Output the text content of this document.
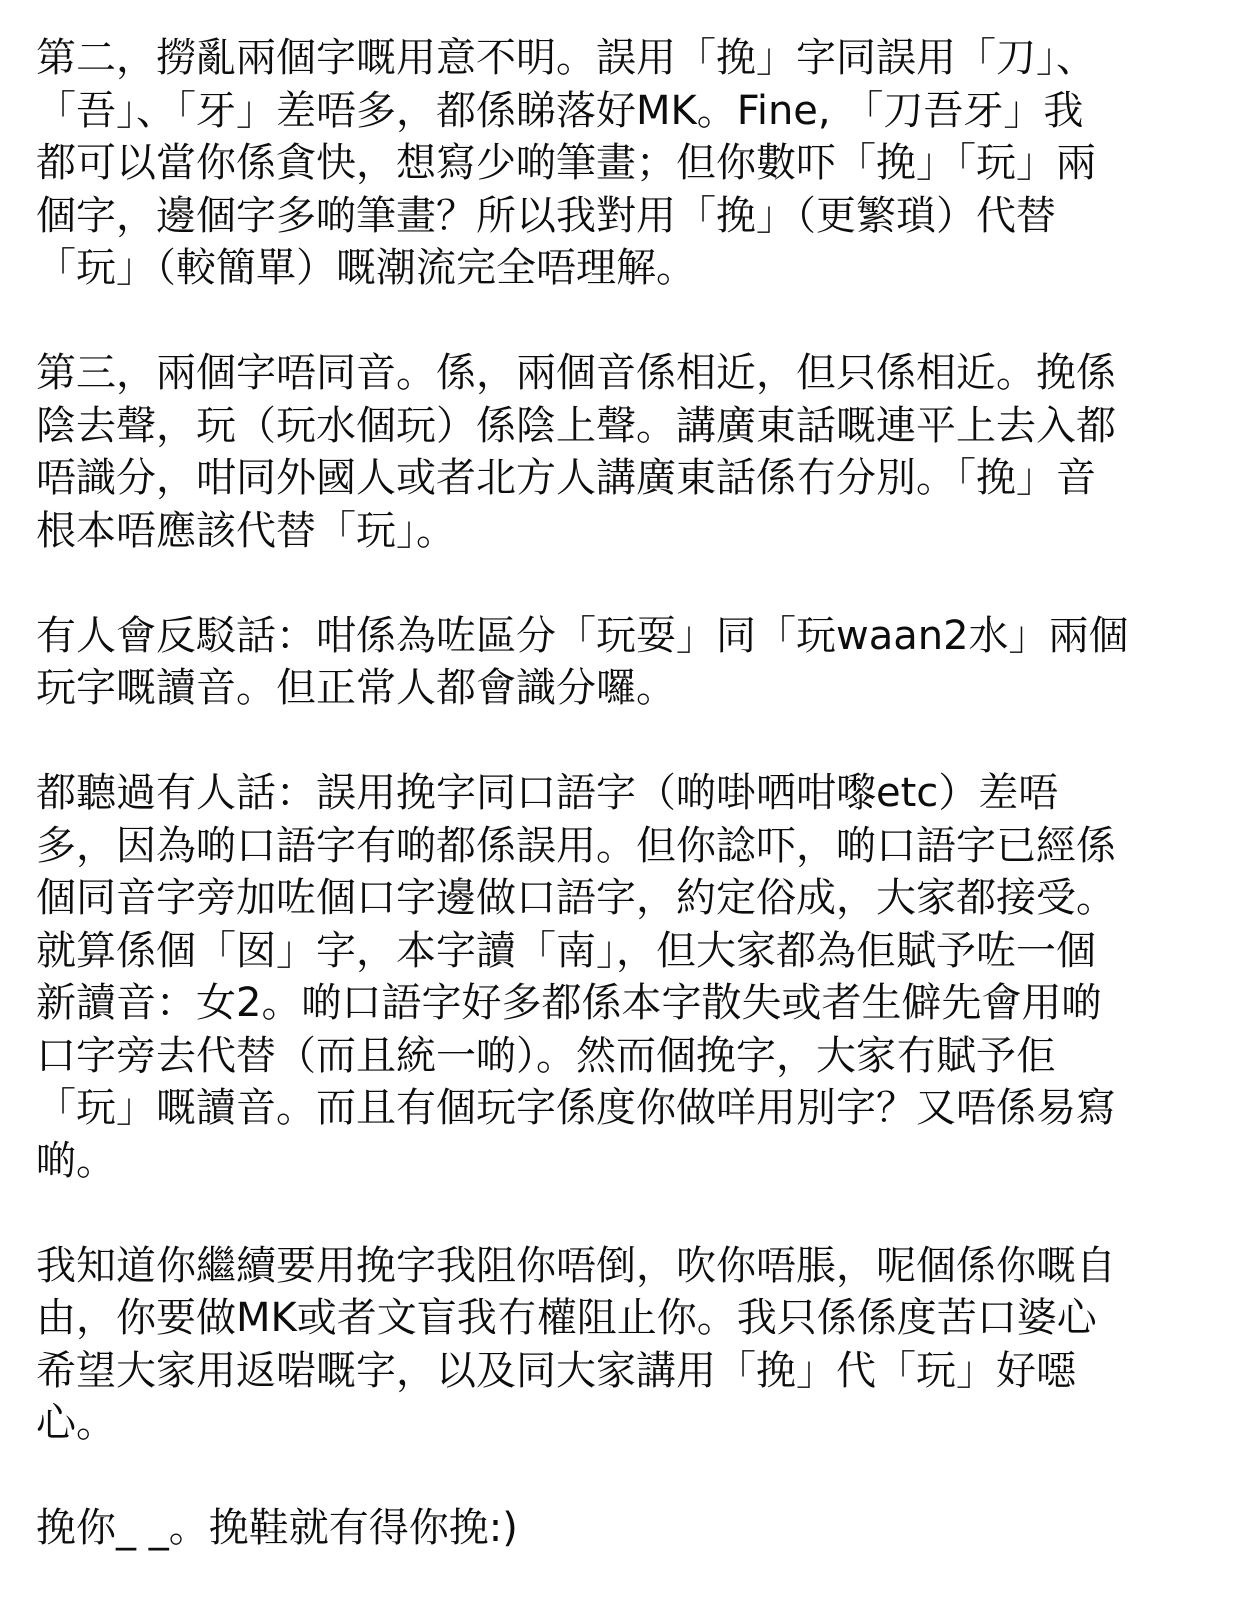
第二，撈亂兩個字嘅用意不明。誤用「挽」字同誤用「刀」、
「吾」、「牙」差唔多，都係睇落好MK。Fine, 「刀吾牙」我
都可以當你係貪快，想寫少啲筆畫；但你數吓「挽」「玩」兩
個字，邊個字多啲筆畫？所以我對用「挽」（更繁瑣）代替
「玩」（較簡單）嘅潮流完全唔理解。
第三，兩個字唔同音。係，兩個音係相近，但只係相近。挽係
陰去聲，玩（玩水個玩）係陰上聲。講廣東話嘅連平上去入都
唔識分，咁同外國人或者北方人講廣東話係冇分別。「挽」音
根本唔應該代替「玩」。
有人會反駁話：咁係為咗區分「玩耍」同「玩waan2水」兩個
玩字嘅讀音。但正常人都會識分囉。
都聽過有人話：誤用挽字同口語字（啲啩哂咁嚟etc）差唔
多，因為啲口語字有啲都係誤用。但你諗吓，啲口語字已經係
個同音字旁加咗個口字邊做口語字，約定俗成，大家都接受。
就算係個「囡」字，本字讀「南」，但大家都為佢賦予咗一個
新讀音：女2。啲口語字好多都係本字散失或者生僻先會用啲
口字旁去代替（而且統一啲）。然而個挽字，大家冇賦予佢
「玩」嘅讀音。而且有個玩字係度你做咩用別字？又唔係易寫
啲。
我知道你繼續要用挽字我阻你唔倒，吹你唔脹，呢個係你嘅自
由，你要做MK或者文盲我冇權阻止你。我只係係度苦口婆心
希望大家用返啱嘅字，以及同大家講用「挽」代「玩」好噁
心。
挽你_ _。挽鞋就有得你挽:)
